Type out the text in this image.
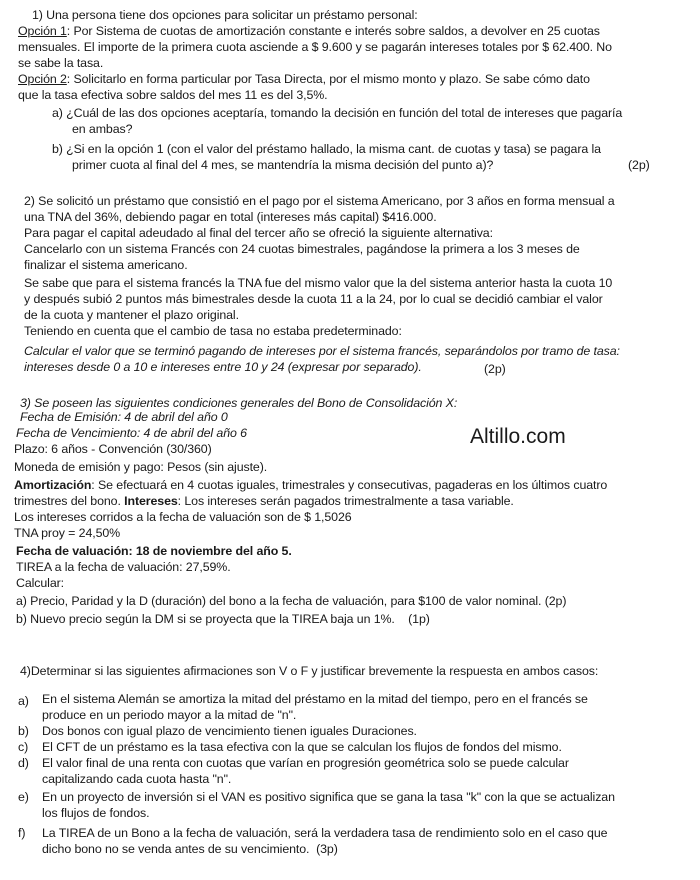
1) Una persona tiene dos opciones para solicitar un préstamo personal:
Opción 1: Por Sistema de cuotas de amortización constante e interés sobre saldos, a devolver en 25 cuotas
mensuales. El importe de la primera cuota asciende a $ 9.600 y se pagarán intereses totales por $ 62.400. No
se sabe la tasa.
Opción 2: Solicitarlo en forma particular por Tasa Directa, por el mismo monto y plazo. Se sabe cómo dato
que la tasa efectiva sobre saldos del mes 11 es del 3,5%.
a) ¿Cuál de las dos opciones aceptaría, tomando la decisión en función del total de intereses que pagaría
en ambas?
b) ¿Si en la opción 1 (con el valor del préstamo hallado, la misma cant. de cuotas y tasa) se pagara la
primer cuota al final del 4 mes, se mantendría la misma decisión del punto a)?	(2p)
2) Se solicitó un préstamo que consistió en el pago por el sistema Americano, por 3 años en forma mensual a
una TNA del 36%, debiendo pagar en total (intereses más capital) $416.000.
Para pagar el capital adeudado al final del tercer año se ofreció la siguiente alternativa:
Cancelarlo con un sistema Francés con 24 cuotas bimestrales, pagándose la primera a los 3 meses de
finalizar el sistema americano.
Se sabe que para el sistema francés la TNA fue del mismo valor que la del sistema anterior hasta la cuota 10
y después subió 2 puntos más bimestrales desde la cuota 11 a la 24, por lo cual se decidió cambiar el valor
de la cuota y mantener el plazo original.
Teniendo en cuenta que el cambio de tasa no estaba predeterminado:
Calcular el valor que se terminó pagando de intereses por el sistema francés, separándolos por tramo de tasa:
intereses desde 0 a 10 e intereses entre 10 y 24 (expresar por separado).	(2p)
3) Se poseen las siguientes condiciones generales del Bono de Consolidación X:
Fecha de Emisión: 4 de abril del año 0
Fecha de Vencimiento: 4 de abril del año 6
Plazo: 6 años - Convención (30/360)
Altillo.com
Moneda de emisión y pago: Pesos (sin ajuste).
Amortización: Se efectuará en 4 cuotas iguales, trimestrales y consecutivas, pagaderas en los últimos cuatro
trimestres del bono. Intereses: Los intereses serán pagados trimestralmente a tasa variable.
Los intereses corridos a la fecha de valuación son de $ 1,5026
TNA proy = 24,50%
Fecha de valuación: 18 de noviembre del año 5.
TIREA a la fecha de valuación: 27,59%.
Calcular:
a) Precio, Paridad y la D (duración) del bono a la fecha de valuación, para $100 de valor nominal. (2p)
b) Nuevo precio según la DM si se proyecta que la TIREA baja un 1%. (1p)
4)Determinar si las siguientes afirmaciones son V o F y justificar brevemente la respuesta en ambos casos:
a) En el sistema Alemán se amortiza la mitad del préstamo en la mitad del tiempo, pero en el francés se
produce en un periodo mayor a la mitad de "n".
b) Dos bonos con igual plazo de vencimiento tienen iguales Duraciones.
c) El CFT de un préstamo es la tasa efectiva con la que se calculan los flujos de fondos del mismo.
d) El valor final de una renta con cuotas que varían en progresión geométrica solo se puede calcular
capitalizando cada cuota hasta "n".
e) En un proyecto de inversión si el VAN es positivo significa que se gana la tasa "k" con la que se actualizan
los flujos de fondos.
f) La TIREA de un Bono a la fecha de valuación, será la verdadera tasa de rendimiento solo en el caso que
dicho bono no se venda antes de su vencimiento. (3p)
